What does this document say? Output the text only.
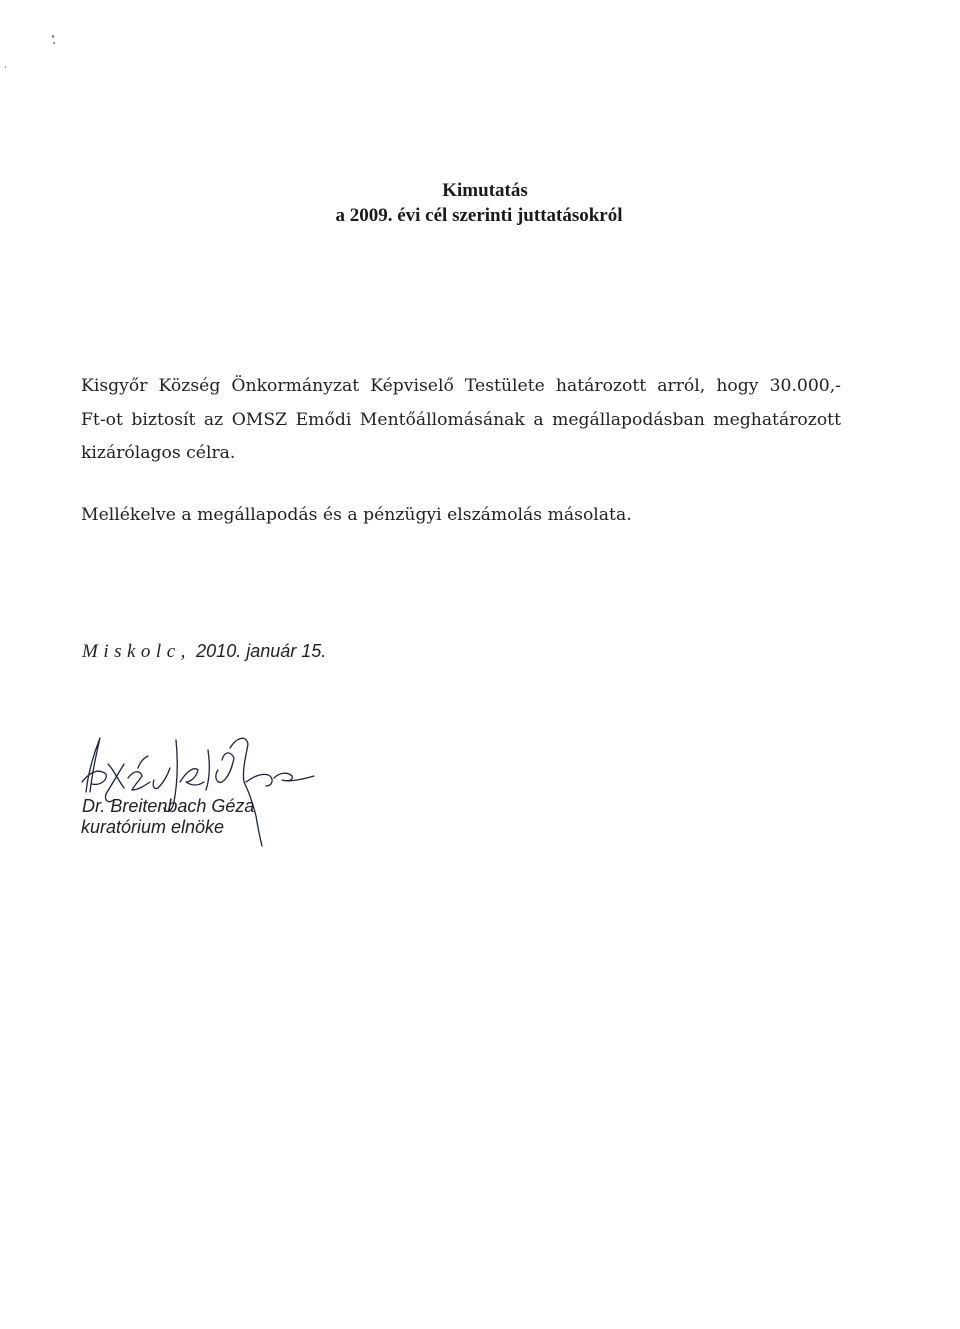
Kimutatás
a 2009. évi cél szerinti juttatásokról
Kisgyőr Község Önkormányzat Képviselő Testülete határozott arról, hogy 30.000,-
Ft-ot biztosít az OMSZ Emődi Mentőállomásának a megállapodásban meghatározott
kizárólagos célra.
Mellékelve a megállapodás és a pénzügyi elszámolás másolata.
Miskolc, 2010. január 15.
Dr. Breitenbach Géza
kuratórium elnöke
